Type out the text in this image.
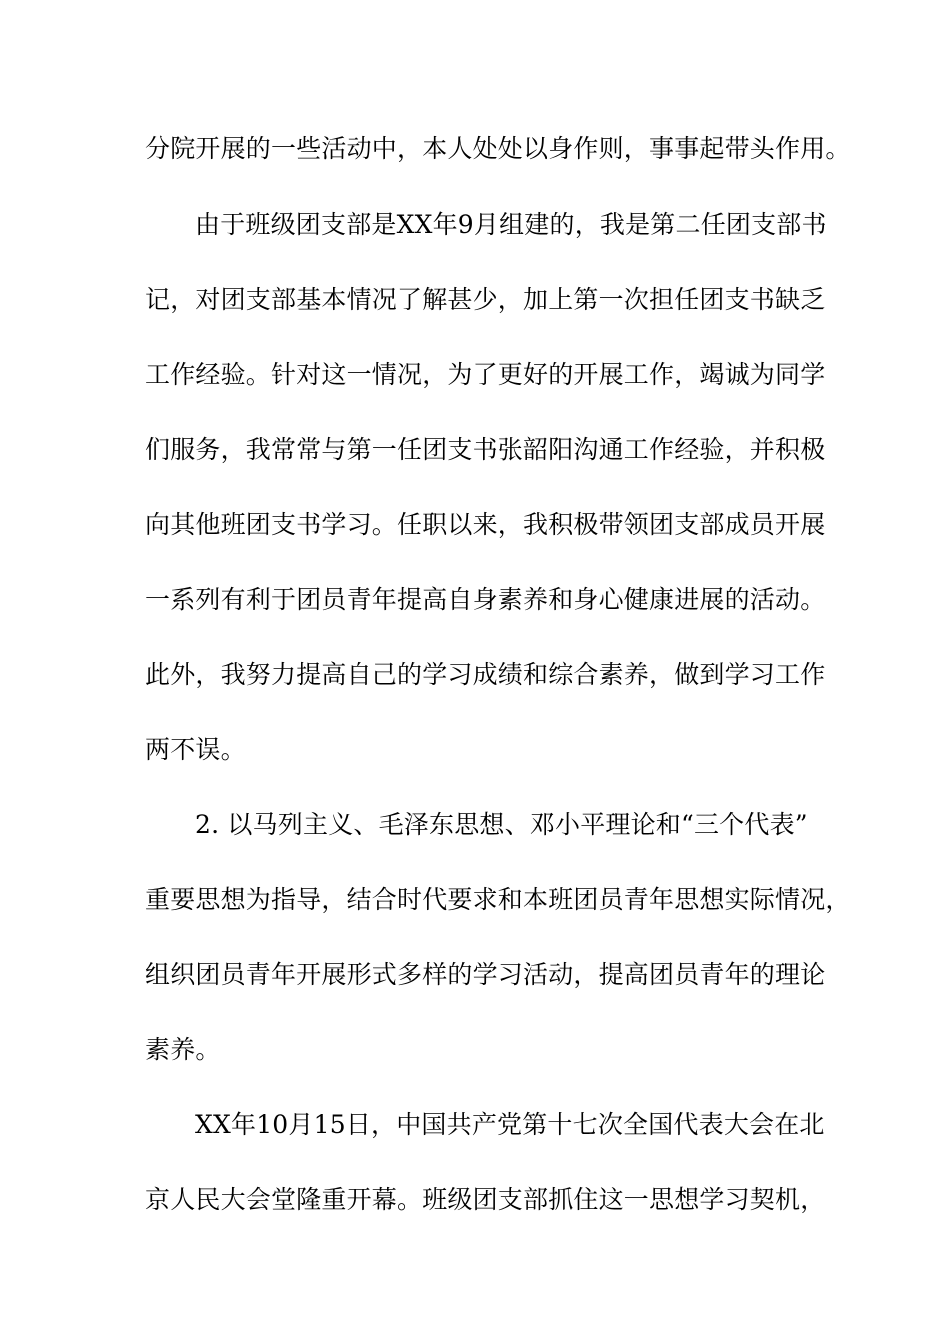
分院开展的一些活动中，本人处处以身作则，事事起带头作用。
由于班级团支部是XX年9月组建的，我是第二任团支部书
记，对团支部基本情况了解甚少，加上第一次担任团支书缺乏
工作经验。针对这一情况，为了更好的开展工作，竭诚为同学
们服务，我常常与第一任团支书张韶阳沟通工作经验，并积极
向其他班团支书学习。任职以来，我积极带领团支部成员开展
一系列有利于团员青年提高自身素养和身心健康进展的活动。
此外，我努力提高自己的学习成绩和综合素养，做到学习工作
两不误。
2. 以马列主义、毛泽东思想、邓小平理论和“三个代表”
重要思想为指导，结合时代要求和本班团员青年思想实际情况，
组织团员青年开展形式多样的学习活动，提高团员青年的理论
素养。
XX年10月15日，中国共产党第十七次全国代表大会在北
京人民大会堂隆重开幕。班级团支部抓住这一思想学习契机，
